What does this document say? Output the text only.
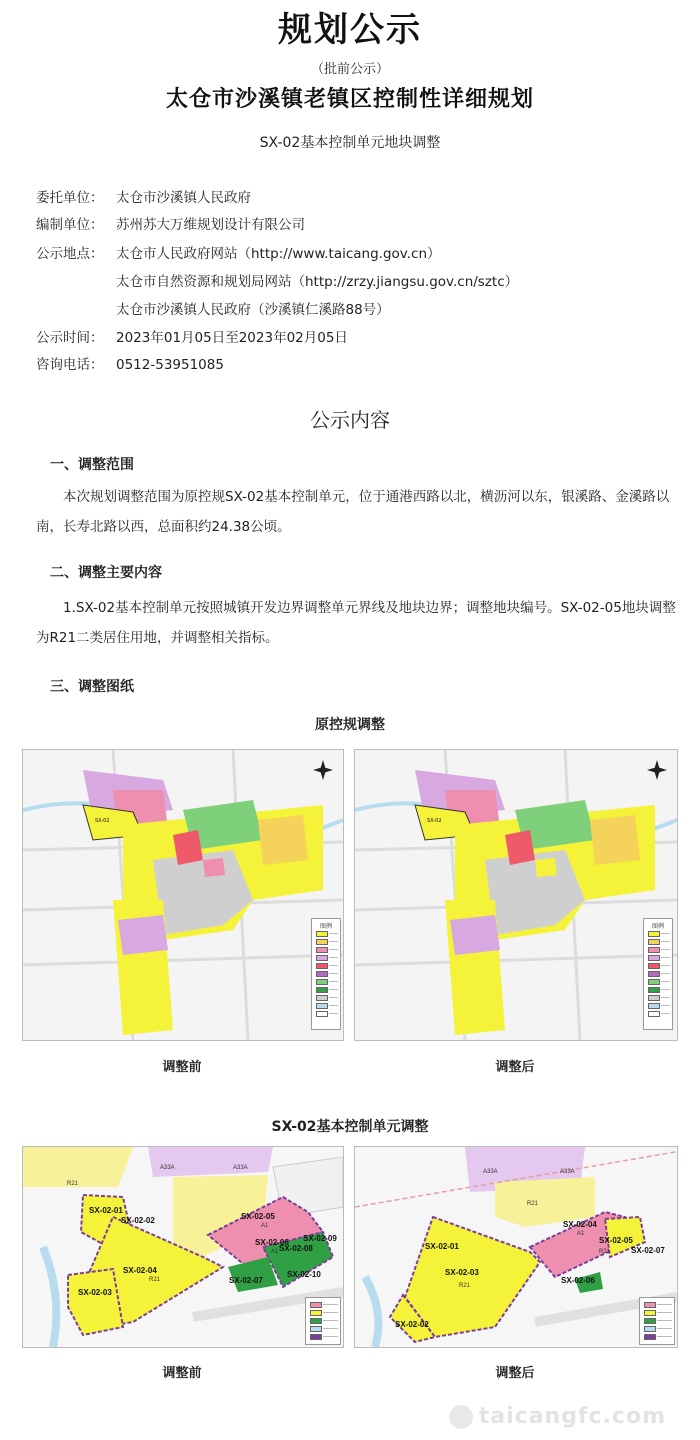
规划公示
（批前公示）
太仓市沙溪镇老镇区控制性详细规划
SX-02基本控制单元地块调整
委托单位： 太仓市沙溪镇人民政府
编制单位： 苏州苏大万维规划设计有限公司
公示地点： 太仓市人民政府网站（http://www.taicang.gov.cn）
太仓市自然资源和规划局网站（http://zrzy.jiangsu.gov.cn/sztc）
太仓市沙溪镇人民政府（沙溪镇仁溪路88号）
公示时间： 2023年01月05日至2023年02月05日
咨询电话： 0512-53951085
公示内容
一、调整范围
本次规划调整范围为原控规SX-02基本控制单元，位于通港西路以北，横沥河以东，银溪路、金溪路以南，长寿北路以西，总面积约24.38公顷。
二、调整主要内容
1.SX-02基本控制单元按照城镇开发边界调整单元界线及地块边界；调整地块编号。SX-02-05地块调整为R21二类居住用地，并调整相关指标。
三、调整图纸
原控规调整
SX-02
图例
SX-02
图例
调整前	调整后
SX-02基本控制单元调整
SX-02-01
SX-02-02
SX-02-03
SX-02-04
SX-02-05
SX-02-06
SX-02-07
SX-02-08
SX-02-09
SX-02-10
R21
R21
A1
A1
A33A	A33A
SX-02-01
SX-02-02
SX-02-03
SX-02-04
SX-02-05
SX-02-06
SX-02-07
R21
R21
R21
A1
A33A	A33A
调整前	调整后
taicangfc.com
